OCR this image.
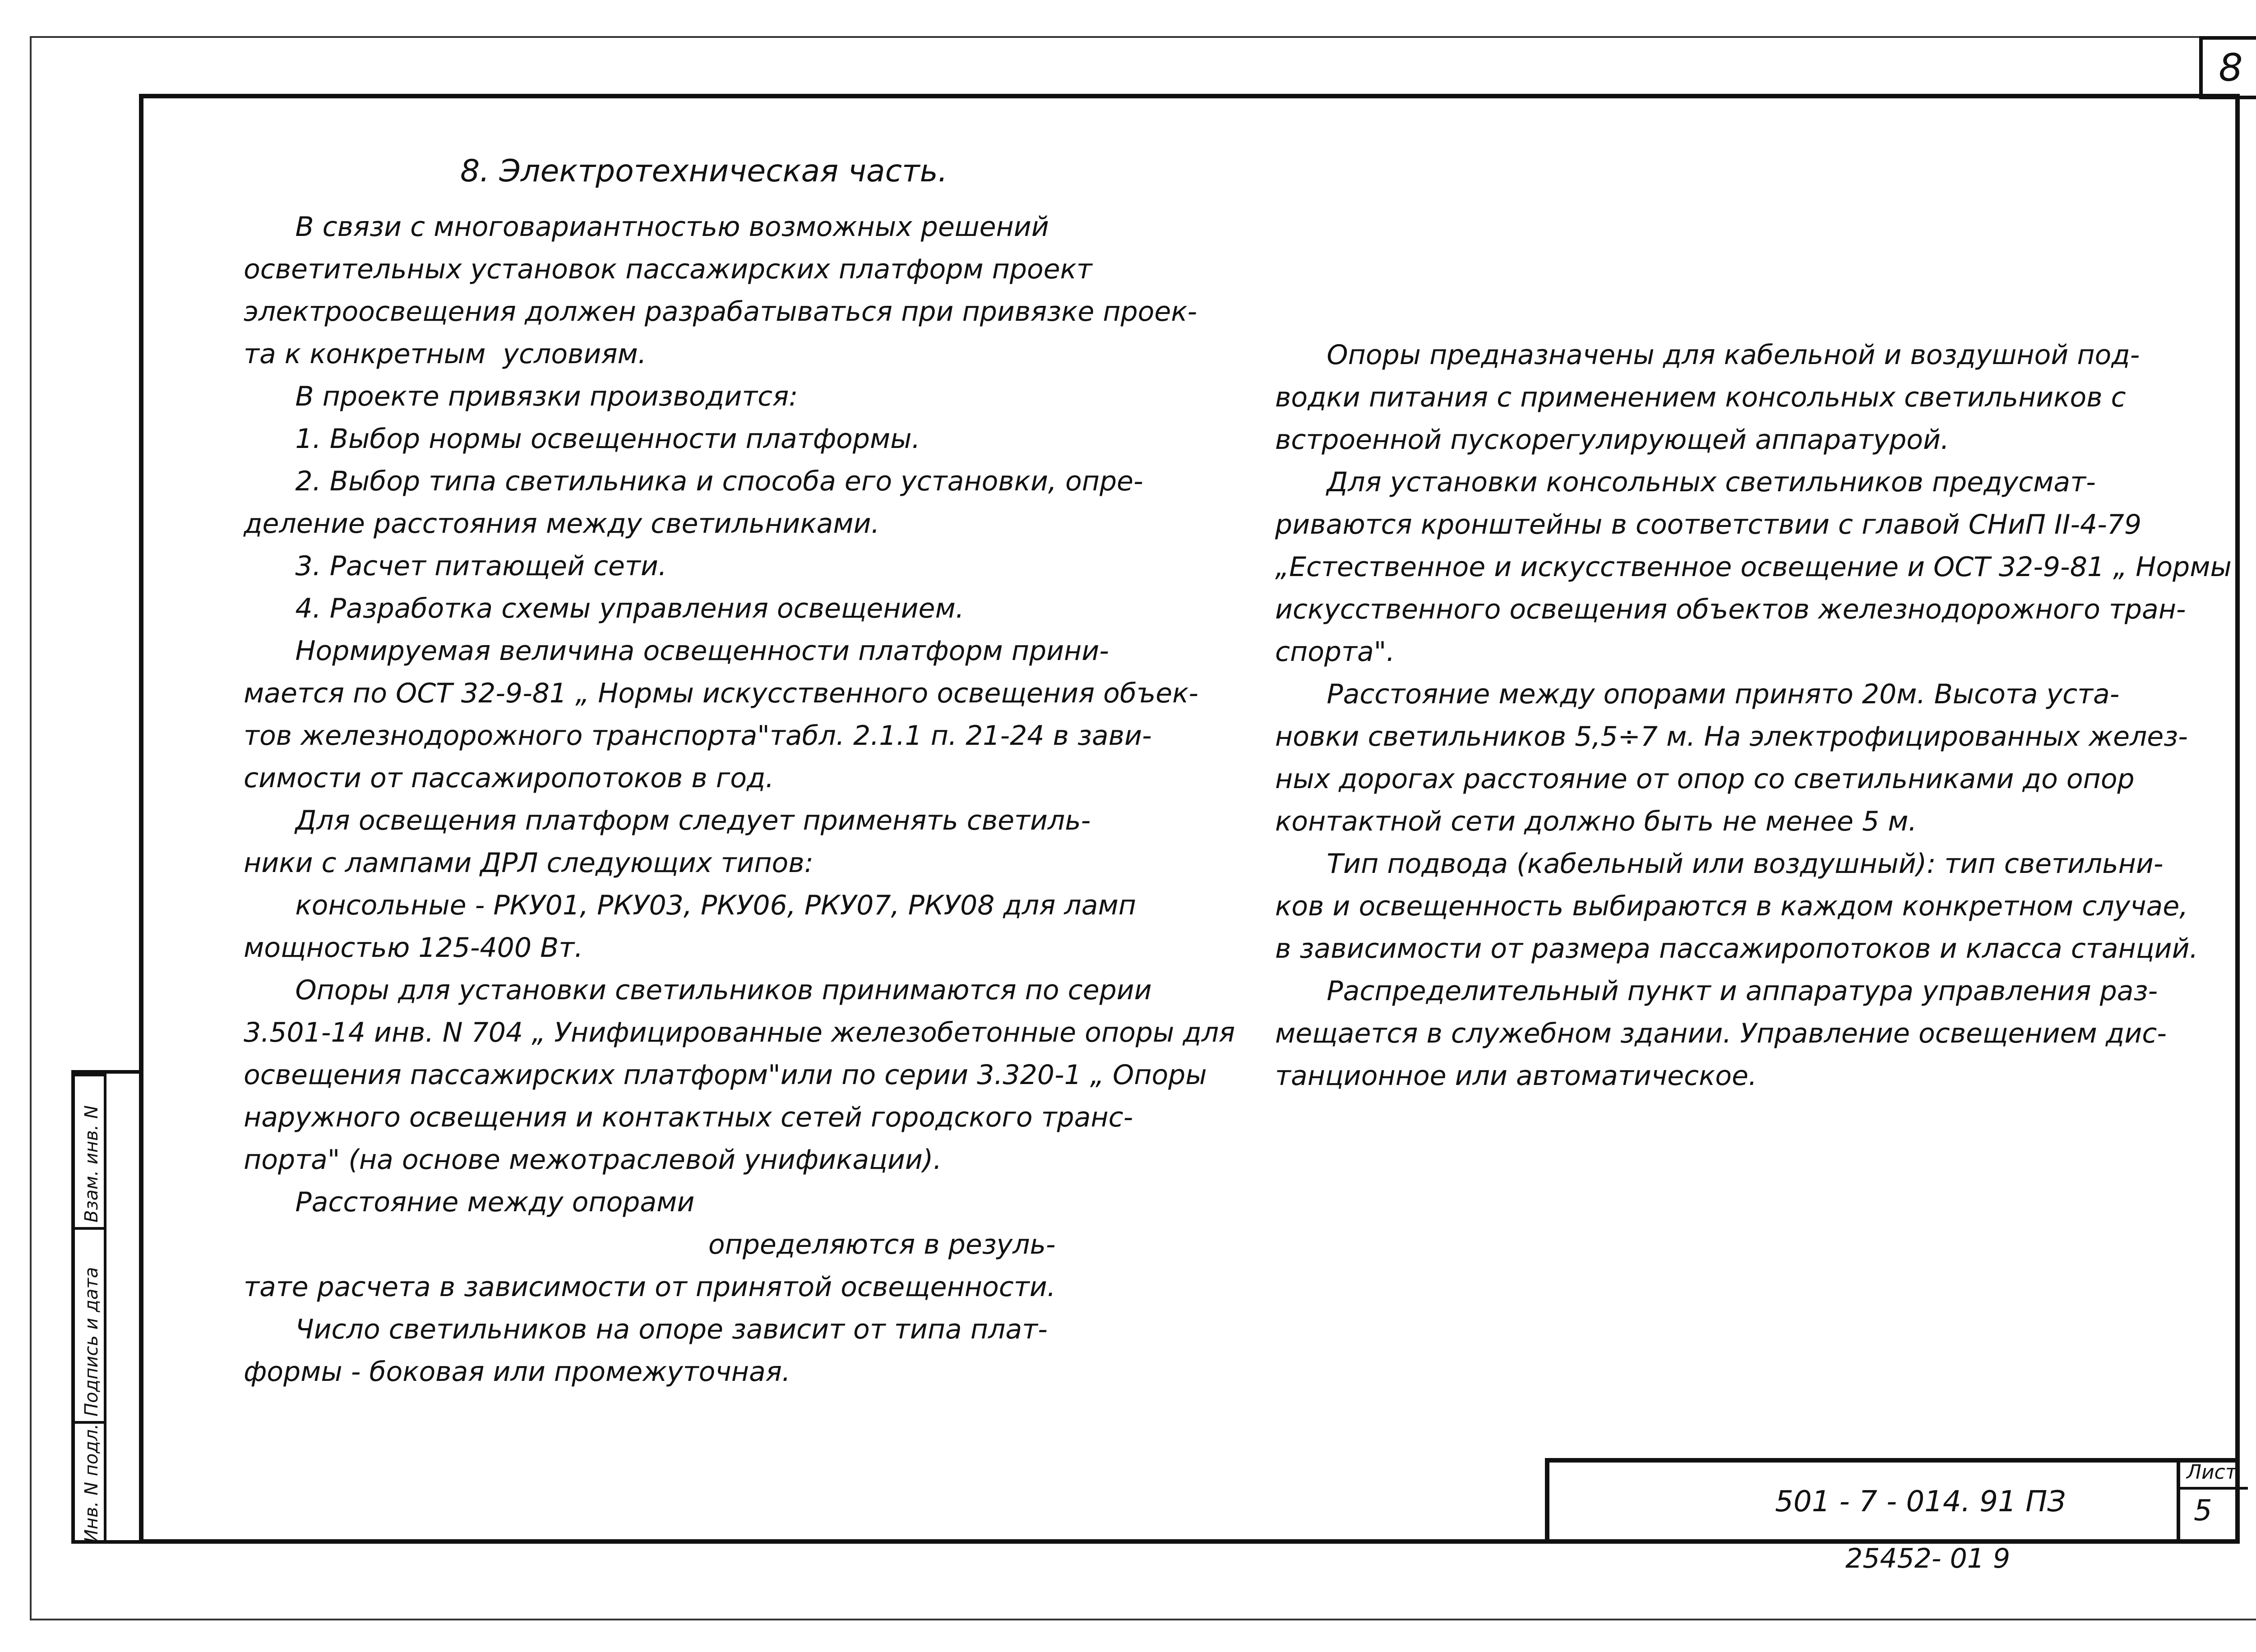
8
Инв. N подл.
Подпись и дата
Взам. инв. N
8. Электротехническая часть.

В связи с многовариантностью возможных решений

осветительных установок пассажирских платформ проект

электроосвещения должен разрабатываться при привязке проек-

та к конкретным  условиям.

В проекте привязки производится:

1. Выбор нормы освещенности платформы.

2. Выбор типа светильника и способа его установки, опре-

деление расстояния между светильниками.

3. Расчет питающей сети.

4. Разработка схемы управления освещением.

Нормируемая величина освещенности платформ прини-

мается по ОСТ 32-9-81 „ Нормы искусственного освещения объек-

тов железнодорожного транспорта"табл. 2.1.1 п. 21-24 в зави-

симости от пассажиропотоков в год.

Для освещения платформ следует применять светиль-

ники с лампами ДРЛ следующих типов:

консольные - РКУ01, РКУ03, РКУ06, РКУ07, РКУ08 для ламп

мощностью 125-400 Вт.

Опоры для установки светильников принимаются по серии

3.501-14 инв. N 704 „ Унифицированные железобетонные опоры для

освещения пассажирских платформ"или по серии 3.320-1 „ Опоры

наружного освещения и контактных сетей городского транс-

порта" (на основе межотраслевой унификации).

Расстояние между опорами

определяются в резуль-

тате расчета в зависимости от принятой освещенности.

Число светильников на опоре зависит от типа плат-

формы - боковая или промежуточная.

Опоры предназначены для кабельной и воздушной под-

водки питания с применением консольных светильников с

встроенной пускорегулирующей аппаратурой.

Для установки консольных светильников предусмат-

риваются кронштейны в соответствии с главой СНиП II-4-79

„Естественное и искусственное освещение и ОСТ 32-9-81 „ Нормы

искусственного освещения объектов железнодорожного тран-

спорта".

Расстояние между опорами принято 20м. Высота уста-

новки светильников 5,5÷7 м. На электрофицированных желез-

ных дорогах расстояние от опор со светильниками до опор

контактной сети должно быть не менее 5 м.

Тип подвода (кабельный или воздушный): тип светильни-

ков и освещенность выбираются в каждом конкретном случае,

в зависимости от размера пассажиропотоков и класса станций.

Распределительный пункт и аппаратура управления раз-

мещается в служебном здании. Управление освещением дис-

танционное или автоматическое.

501 - 7 - 014. 91 ПЗ
Лист
5
25452- 01 9
